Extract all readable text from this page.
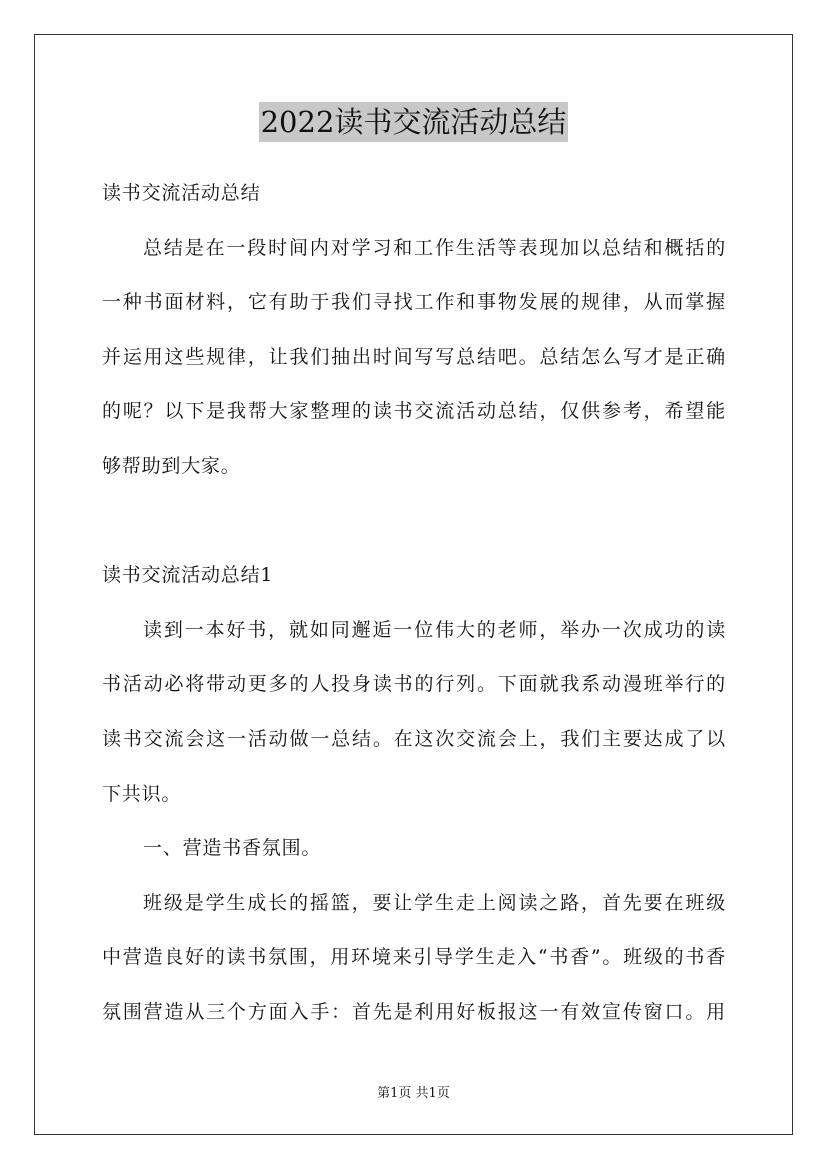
2022读书交流活动总结
读书交流活动总结
总结是在一段时间内对学习和工作生活等表现加以总结和概括的
一种书面材料，它有助于我们寻找工作和事物发展的规律，从而掌握
并运用这些规律，让我们抽出时间写写总结吧。总结怎么写才是正确
的呢？以下是我帮大家整理的读书交流活动总结，仅供参考，希望能
够帮助到大家。
读书交流活动总结1
读到一本好书，就如同邂逅一位伟大的老师，举办一次成功的读
书活动必将带动更多的人投身读书的行列。下面就我系动漫班举行的
读书交流会这一活动做一总结。在这次交流会上，我们主要达成了以
下共识。
一、营造书香氛围。
班级是学生成长的摇篮，要让学生走上阅读之路，首先要在班级
中营造良好的读书氛围，用环境来引导学生走入“书香”。班级的书香
氛围营造从三个方面入手：首先是利用好板报这一有效宣传窗口。用
第1页 共1页
